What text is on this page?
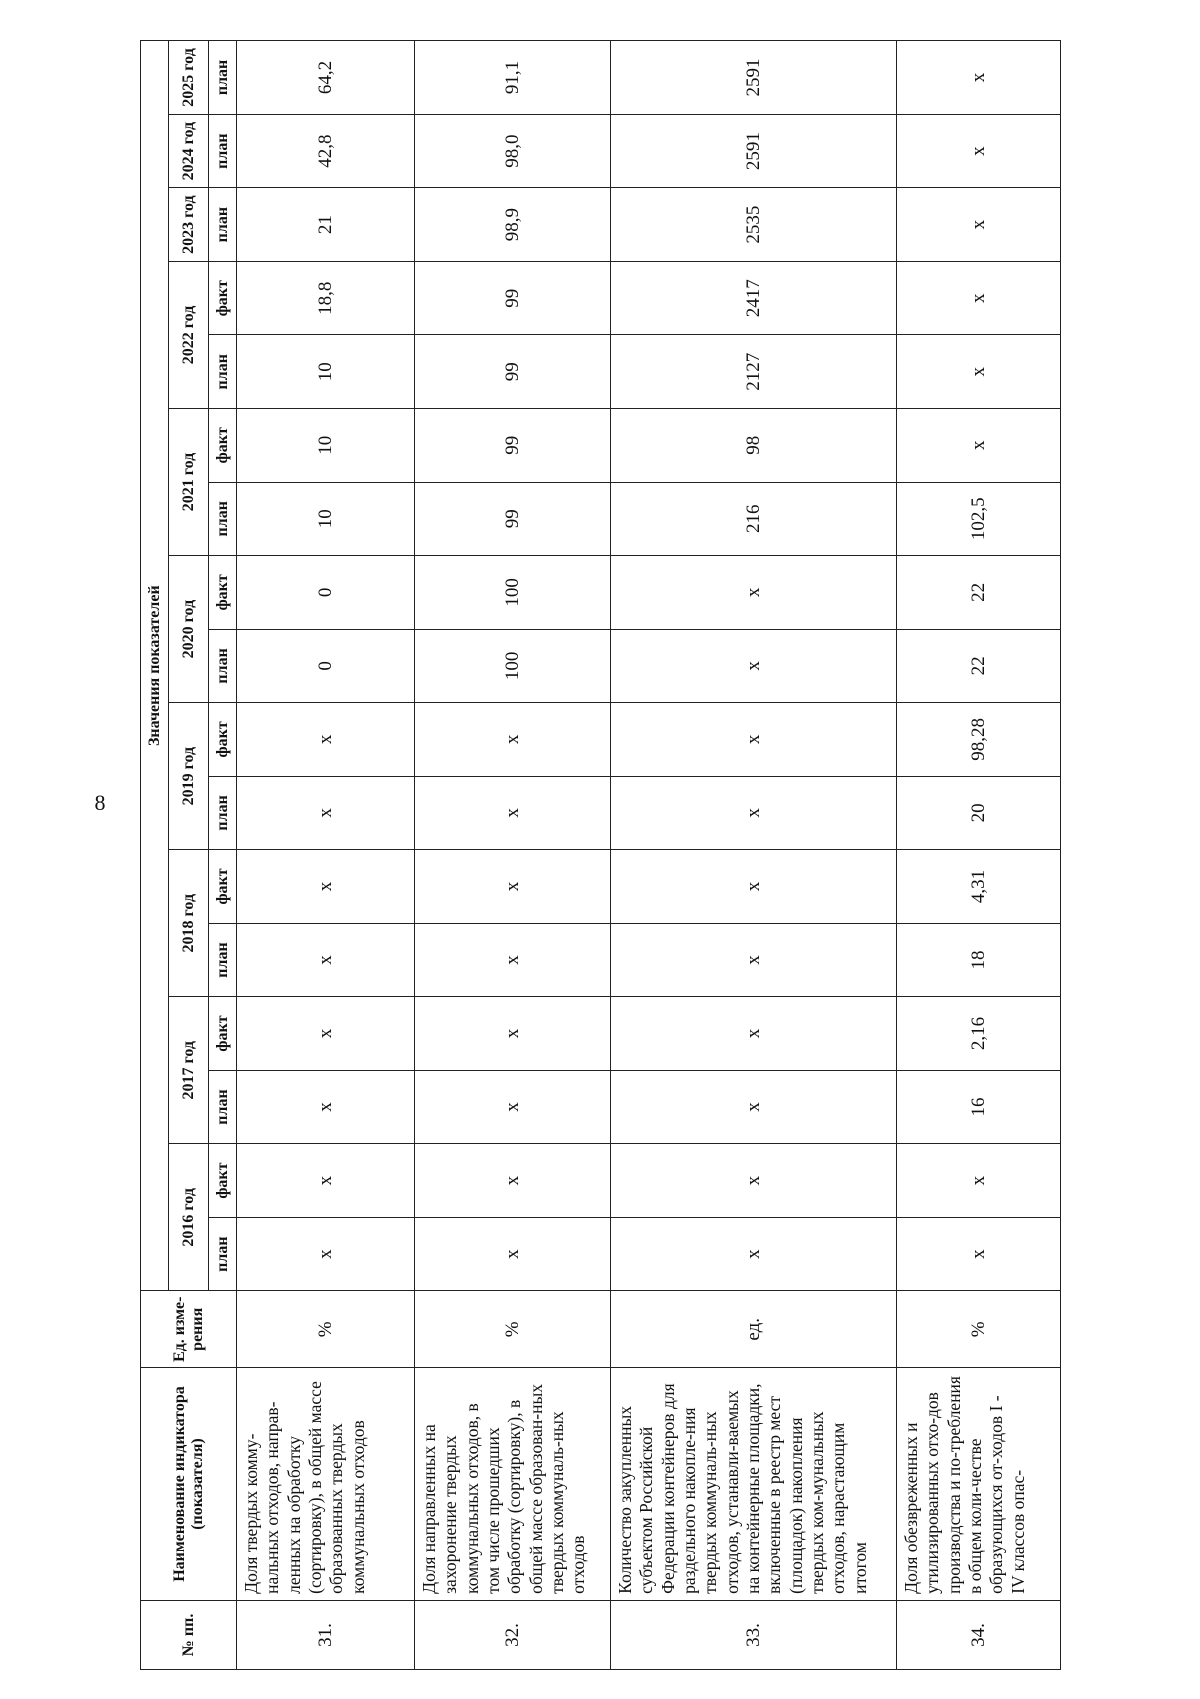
8
№ пп.	Наименование индикатора (показателя)	Ед. изме-рения	Значения показателей																
			2016 год		2017 год		2018 год		2019 год		2020 год		2021 год		2022 год		2023 год	2024 год	2025 год
			план	факт	план	факт	план	факт	план	факт	план	факт	план	факт	план	факт	план	план	план
31.	Доля твердых комму-нальных отходов, направ-ленных на обработку (сортировку), в общей массе образованных твердых коммунальных отходов	%	х	х	х	х	х	х	х	х	0	0	10	10	10	18,8	21	42,8	64,2
32.	Доля направленных на захоронение твердых коммунальных отходов, в том числе прошедших обработку (сортировку), в общей массе образован-ных твердых коммуналь-ных отходов	%	х	х	х	х	х	х	х	х	100	100	99	99	99	99	98,9	98,0	91,1
33.	Количество закупленных субъектом Российской Федерации контейнеров для раздельного накопле-ния твердых коммуналь-ных отходов, устанавли-ваемых на контейнерные площадки, включенные в реестр мест (площадок) накопления твердых ком-мунальных отходов, нарастающим итогом	ед.	х	х	х	х	х	х	х	х	х	х	216	98	2127	2417	2535	2591	2591
34.	Доля обезвреженных и утилизированных отхо-дов производства и по-требления в общем коли-честве образующихся от-ходов I - IV классов опас-	%	х	х	16	2,16	18	4,31	20	98,28	22	22	102,5	х	х	х	х	х	х
